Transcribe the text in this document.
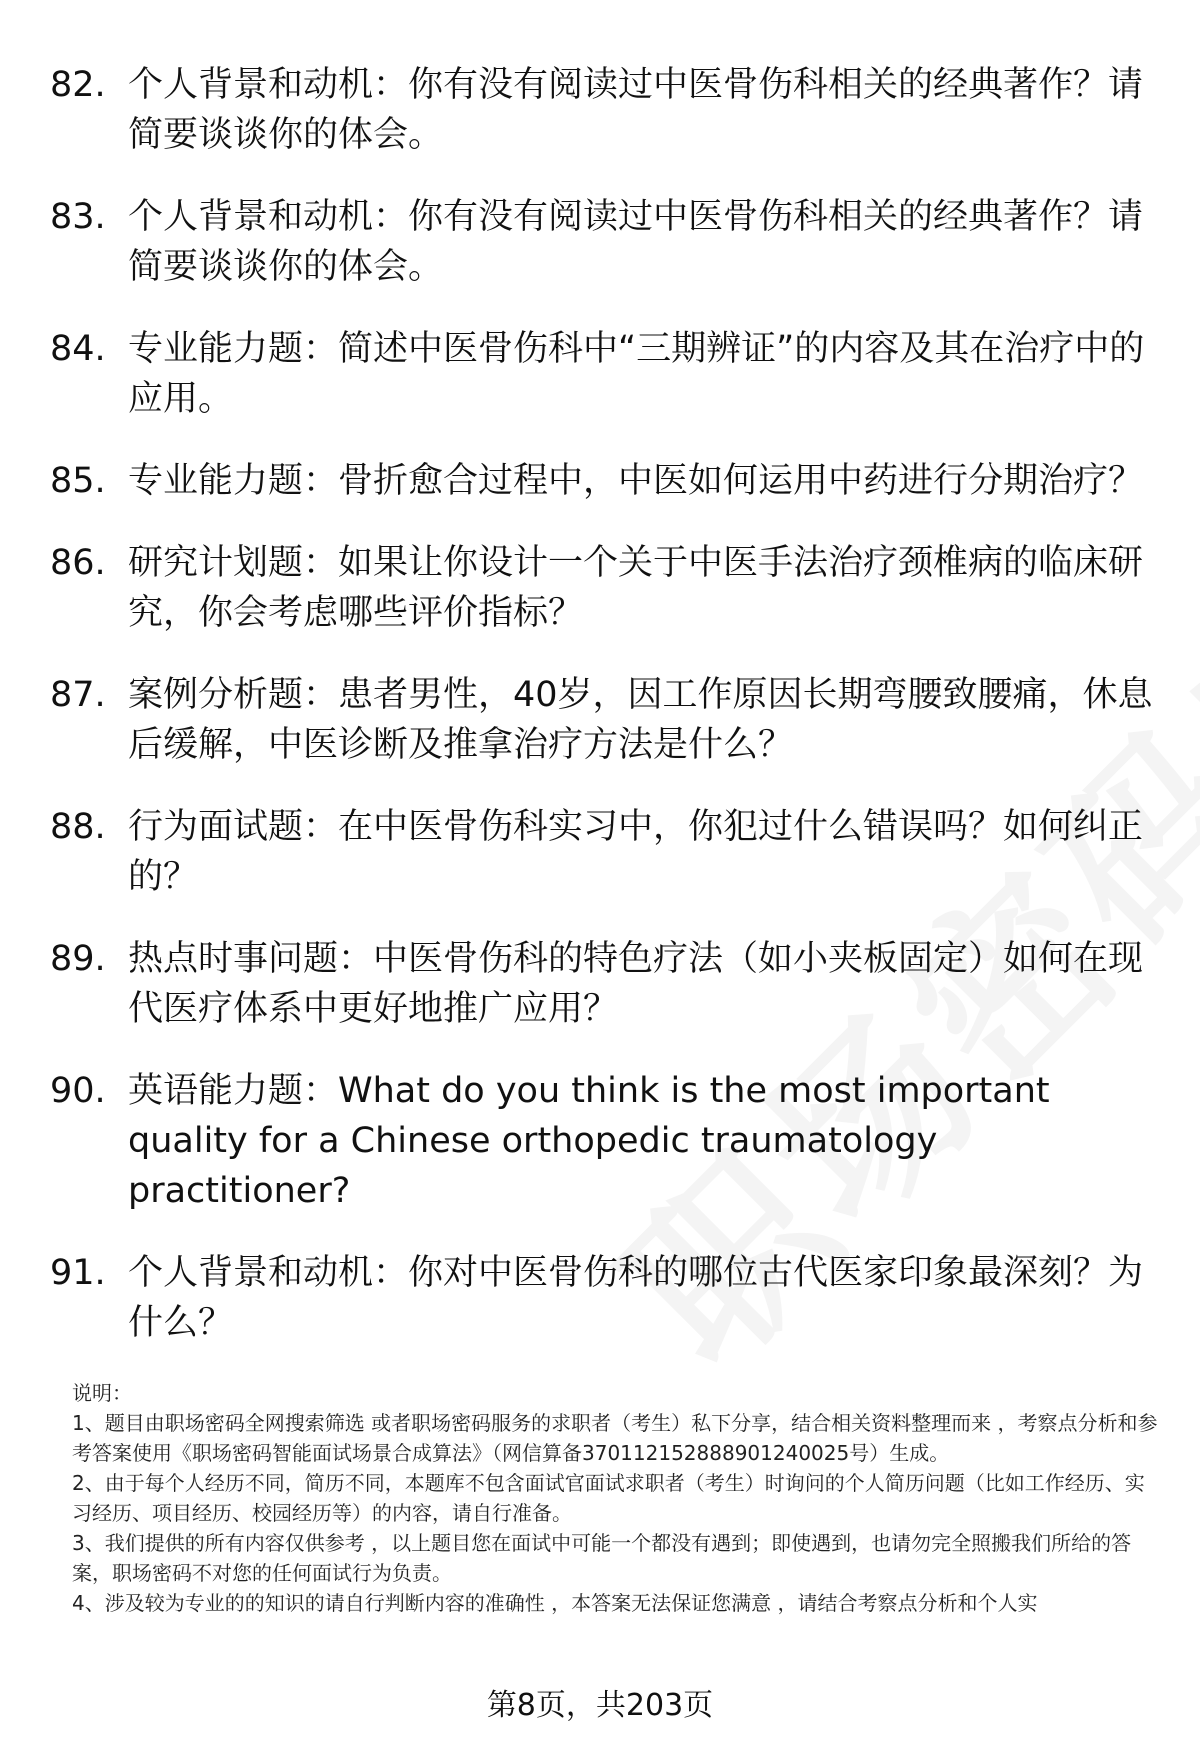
82. 个人背景和动机：你有没有阅读过中医骨伤科相关的经典著作？请简要谈谈你的体会。
83. 个人背景和动机：你有没有阅读过中医骨伤科相关的经典著作？请简要谈谈你的体会。
84. 专业能力题：简述中医骨伤科中“三期辨证”的内容及其在治疗中的应用。
85. 专业能力题：骨折愈合过程中，中医如何运用中药进行分期治疗？
86. 研究计划题：如果让你设计一个关于中医手法治疗颈椎病的临床研究，你会考虑哪些评价指标？
87. 案例分析题：患者男性，40岁，因工作原因长期弯腰致腰痛，休息后缓解，中医诊断及推拿治疗方法是什么？
88. 行为面试题：在中医骨伤科实习中，你犯过什么错误吗？如何纠正的？
89. 热点时事问题：中医骨伤科的特色疗法（如小夹板固定）如何在现代医疗体系中更好地推广应用？
90. 英语能力题：What do you think is the most important quality for a Chinese orthopedic traumatology practitioner?
91. 个人背景和动机：你对中医骨伤科的哪位古代医家印象最深刻？为什么？

说明：

1、题目由职场密码全网搜索筛选 或者职场密码服务的求职者（考生）私下分享，结合相关资料整理而来 ，考察点分析和参考答案使用《职场密码智能面试场景合成算法》（网信算备370112152888901240025号）生成。

2、由于每个人经历不同，简历不同，本题库不包含面试官面试求职者（考生）时询问的个人简历问题（比如工作经历、实习经历、项目经历、校园经历等）的内容，请自行准备。

3、我们提供的所有内容仅供参考 ，以上题目您在面试中可能一个都没有遇到；即使遇到，也请勿完全照搬我们所给的答案，职场密码不对您的任何面试行为负责。

4、涉及较为专业的的知识的请自行判断内容的准确性 ，本答案无法保证您满意 ，请结合考察点分析和个人实

第8页，共203页
